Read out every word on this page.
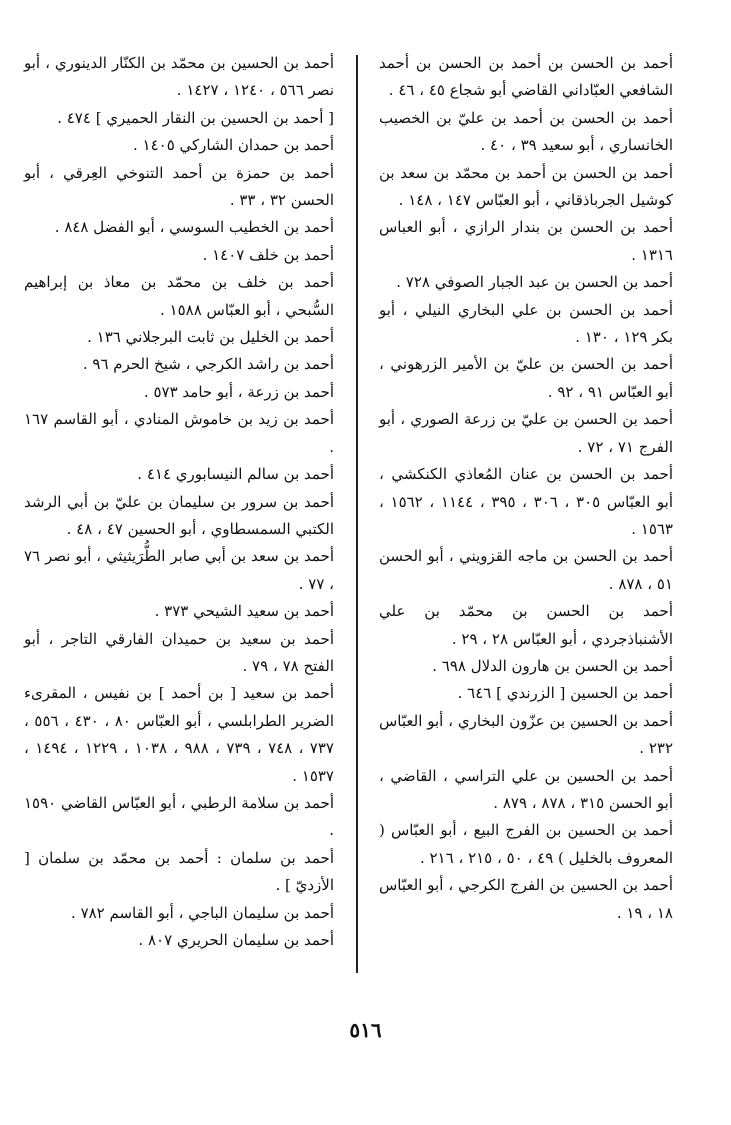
أحمد بن الحسن بن أحمد بن الحسن بن أحمد الشافعي العبّاداني القاضي أبو شجاع ٤٥ ، ٤٦ .
أحمد بن الحسن بن أحمد بن عليّ بن الخصيب الخانساري ، أبو سعيد ٣٩ ، ٤٠ .
أحمد بن الحسن بن أحمد بن محمّد بن سعد بن كوشيل الجرباذقاني ، أبو العبّاس ١٤٧ ، ١٤٨ .
أحمد بن الحسن بن بندار الرازي ، أبو العباس ١٣١٦ .
أحمد بن الحسن بن عبد الجبار الصوفي ٧٢٨ .
أحمد بن الحسن بن علي البخاري النيلي ، أبو بكر ١٢٩ ، ١٣٠ .
أحمد بن الحسن بن عليّ بن الأمير الزرهوني ، أبو العبّاس ٩١ ، ٩٢ .
أحمد بن الحسن بن عليّ بن زرعة الصوري ، أبو الفرج ٧١ ، ٧٢ .
أحمد بن الحسن بن عنان المُعاذي الكنكشي ، أبو العبّاس ٣٠٥ ، ٣٠٦ ، ٣٩٥ ، ١١٤٤ ، ١٥٦٢ ، ١٥٦٣ .
أحمد بن الحسن بن ماجه القزويني ، أبو الحسن ٥١ ، ٨٧٨ .
أحمد بن الحسن بن محمّد بن علي الأشنباذجردي ، أبو العبّاس ٢٨ ، ٢٩ .
أحمد بن الحسن بن هارون الدلال ٦٩٨ .
أحمد بن الحسين [ الزرندي ] ٦٤٦ .
أحمد بن الحسين بن عزّون البخاري ، أبو العبّاس ٢٣٢ .
أحمد بن الحسين بن علي التراسي ، القاضي ، أبو الحسن ٣١٥ ، ٨٧٨ ، ٨٧٩ .
أحمد بن الحسين بن الفرج البيع ، أبو العبّاس ( المعروف بالخليل ) ٤٩ ، ٥٠ ، ٢١٥ ، ٢١٦ .
أحمد بن الحسين بن الفرج الكرجي ، أبو العبّاس ١٨ ، ١٩ .
أحمد بن الحسين بن محمّد بن الكنّار الدينوري ، أبو نصر ٥٦٦ ، ١٢٤٠ ، ١٤٢٧ .
[ أحمد بن الحسين بن النقار الحميري ] ٤٧٤ .
أحمد بن حمدان الشاركي ١٤٠٥ .
أحمد بن حمزة بن أحمد التنوخي العِرقي ، أبو الحسن ٣٢ ، ٣٣ .
أحمد بن الخطيب السوسي ، أبو الفضل ٨٤٨ .
أحمد بن خلف ١٤٠٧ .
أحمد بن خلف بن محمّد بن معاذ بن إبراهيم السُّبحي ، أبو العبّاس ١٥٨٨ .
أحمد بن الخليل بن ثابت البرجلاني ١٣٦ .
أحمد بن راشد الكرجي ، شيخ الحرم ٩٦ .
أحمد بن زرعة ، أبو حامد ٥٧٣ .
أحمد بن زيد بن خاموش المنادي ، أبو القاسم ١٦٧ .
أحمد بن سالم النيسابوري ٤١٤ .
أحمد بن سرور بن سليمان بن عليّ بن أبي الرشد الكتبي السمسطاوي ، أبو الحسين ٤٧ ، ٤٨ .
أحمد بن سعد بن أبي صابر الطُّرَيثيثي ، أبو نصر ٧٦ ، ٧٧ .
أحمد بن سعيد الشيحي ٣٧٣ .
أحمد بن سعيد بن حميدان الفارقي التاجر ، أبو الفتح ٧٨ ، ٧٩ .
أحمد بن سعيد [ بن أحمد ] بن نفيس ، المقرىء الضرير الطرابلسي ، أبو العبّاس ٨٠ ، ٤٣٠ ، ٥٥٦ ، ٧٣٧ ، ٧٤٨ ، ٧٣٩ ، ٩٨٨ ، ١٠٣٨ ، ١٢٢٩ ، ١٤٩٤ ، ١٥٣٧ .
أحمد بن سلامة الرطبي ، أبو العبّاس القاضي ١٥٩٠ .
أحمد بن سلمان : أحمد بن محمّد بن سلمان [ الأزديّ ] .
أحمد بن سليمان الباجي ، أبو القاسم ٧٨٢ .
أحمد بن سليمان الحريري ٨٠٧ .
٥١٦
